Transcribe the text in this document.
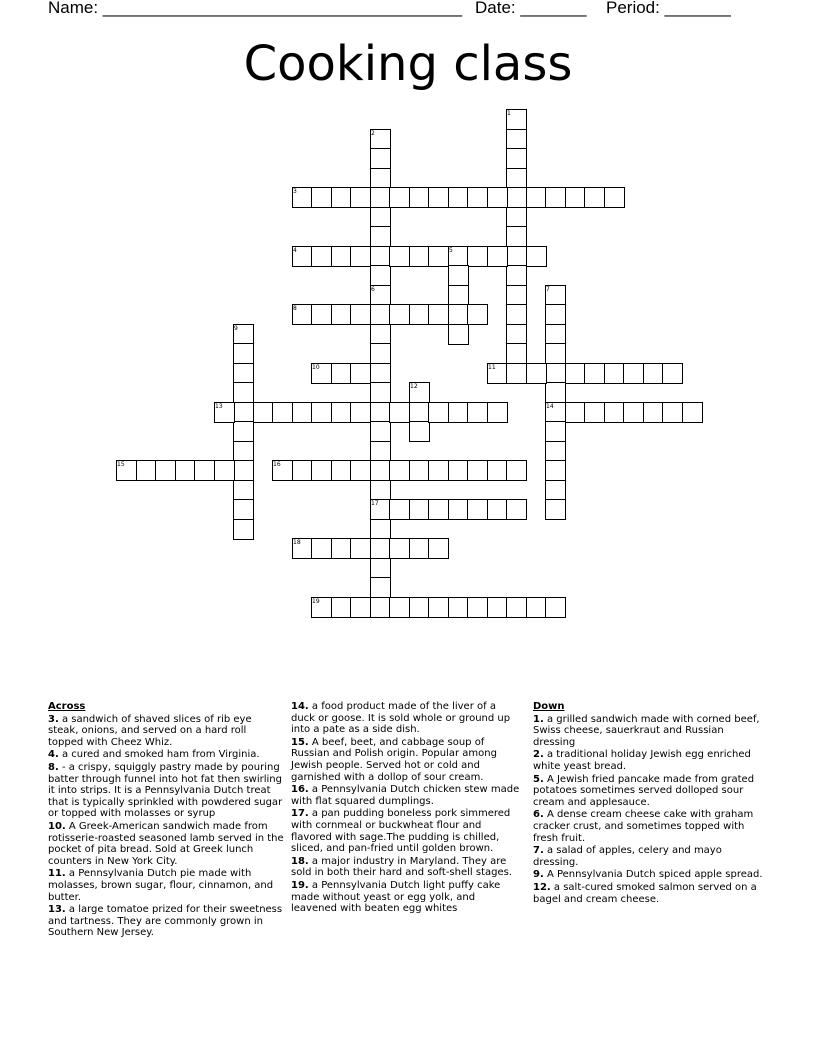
Name: ______________________________________ Date: _______ Period: _______
Cooking class
1
2
3
4	5
6	7
8
9
10	11
12
13	14
15	16
17
18
19
Across
3. a sandwich of shaved slices of rib eye steak, onions, and served on a hard roll topped with Cheez Whiz.
4. a cured and smoked ham from Virginia.
8. - a crispy, squiggly pastry made by pouring batter through funnel into hot fat then swirling it into strips. It is a Pennsylvania Dutch treat that is typically sprinkled with powdered sugar or topped with molasses or syrup
10. A Greek-American sandwich made from rotisserie-roasted seasoned lamb served in the pocket of pita bread. Sold at Greek lunch counters in New York City.
11. a Pennsylvania Dutch pie made with molasses, brown sugar, flour, cinnamon, and butter.
13. a large tomatoe prized for their sweetness and tartness. They are commonly grown in Southern New Jersey.
14. a food product made of the liver of a duck or goose. It is sold whole or ground up into a pate as a side dish.
15. A beef, beet, and cabbage soup of Russian and Polish origin. Popular among Jewish people. Served hot or cold and garnished with a dollop of sour cream.
16. a Pennsylvania Dutch chicken stew made with flat squared dumplings.
17. a pan pudding boneless pork simmered with cornmeal or buckwheat flour and flavored with sage.The pudding is chilled, sliced, and pan-fried until golden brown.
18. a major industry in Maryland. They are sold in both their hard and soft-shell stages.
19. a Pennsylvania Dutch light puffy cake made without yeast or egg yolk, and leavened with beaten egg whites
Down
1. a grilled sandwich made with corned beef, Swiss cheese, sauerkraut and Russian dressing
2. a traditional holiday Jewish egg enriched white yeast bread.
5. A Jewish fried pancake made from grated potatoes sometimes served dolloped sour cream and applesauce.
6. A dense cream cheese cake with graham cracker crust, and sometimes topped with fresh fruit.
7. a salad of apples, celery and mayo dressing.
9. A Pennsylvania Dutch spiced apple spread.
12. a salt-cured smoked salmon served on a bagel and cream cheese.
